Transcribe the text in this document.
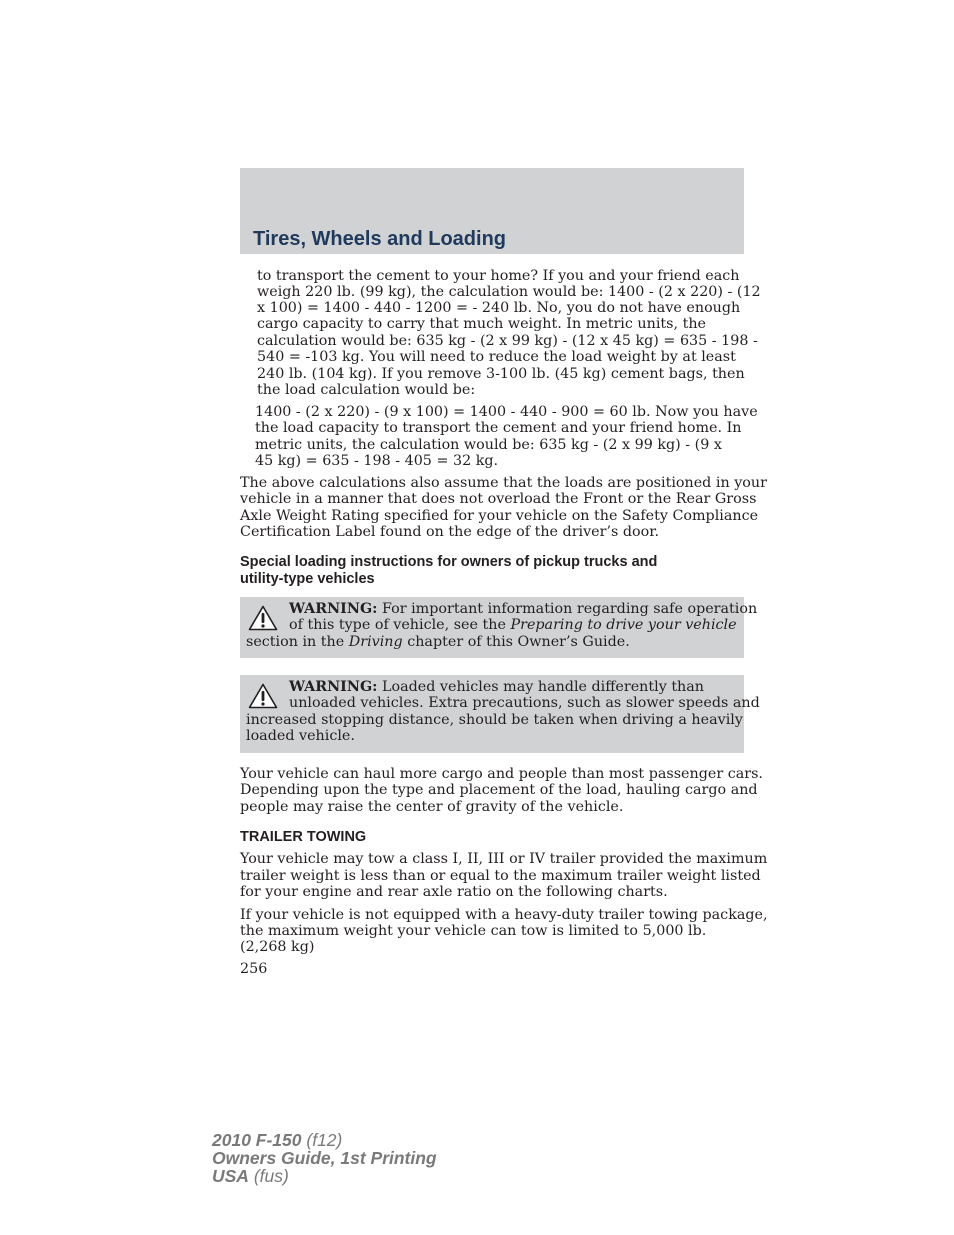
Tires, Wheels and Loading

to transport the cement to your home? If you and your friend each

weigh 220 lb. (99 kg), the calculation would be: 1400 - (2 x 220) - (12

x 100) = 1400 - 440 - 1200 = - 240 lb. No, you do not have enough

cargo capacity to carry that much weight. In metric units, the

calculation would be: 635 kg - (2 x 99 kg) - (12 x 45 kg) = 635 - 198 -

540 = -103 kg. You will need to reduce the load weight by at least

240 lb. (104 kg). If you remove 3-100 lb. (45 kg) cement bags, then

the load calculation would be:

1400 - (2 x 220) - (9 x 100) = 1400 - 440 - 900 = 60 lb. Now you have

the load capacity to transport the cement and your friend home. In

metric units, the calculation would be: 635 kg - (2 x 99 kg) - (9 x

45 kg) = 635 - 198 - 405 = 32 kg.

The above calculations also assume that the loads are positioned in your

vehicle in a manner that does not overload the Front or the Rear Gross

Axle Weight Rating specified for your vehicle on the Safety Compliance

Certification Label found on the edge of the driver’s door.

Special loading instructions for owners of pickup trucks and

utility-type vehicles

WARNING: For important information regarding safe operation

of this type of vehicle, see the Preparing to drive your vehicle

section in the Driving chapter of this Owner’s Guide.

WARNING: Loaded vehicles may handle differently than

unloaded vehicles. Extra precautions, such as slower speeds and

increased stopping distance, should be taken when driving a heavily

loaded vehicle.

Your vehicle can haul more cargo and people than most passenger cars.

Depending upon the type and placement of the load, hauling cargo and

people may raise the center of gravity of the vehicle.

TRAILER TOWING

Your vehicle may tow a class I, II, III or IV trailer provided the maximum

trailer weight is less than or equal to the maximum trailer weight listed

for your engine and rear axle ratio on the following charts.

If your vehicle is not equipped with a heavy-duty trailer towing package,

the maximum weight your vehicle can tow is limited to 5,000 lb.

(2,268 kg)

256
2010 F-150 (f12)
Owners Guide, 1st Printing
USA (fus)
